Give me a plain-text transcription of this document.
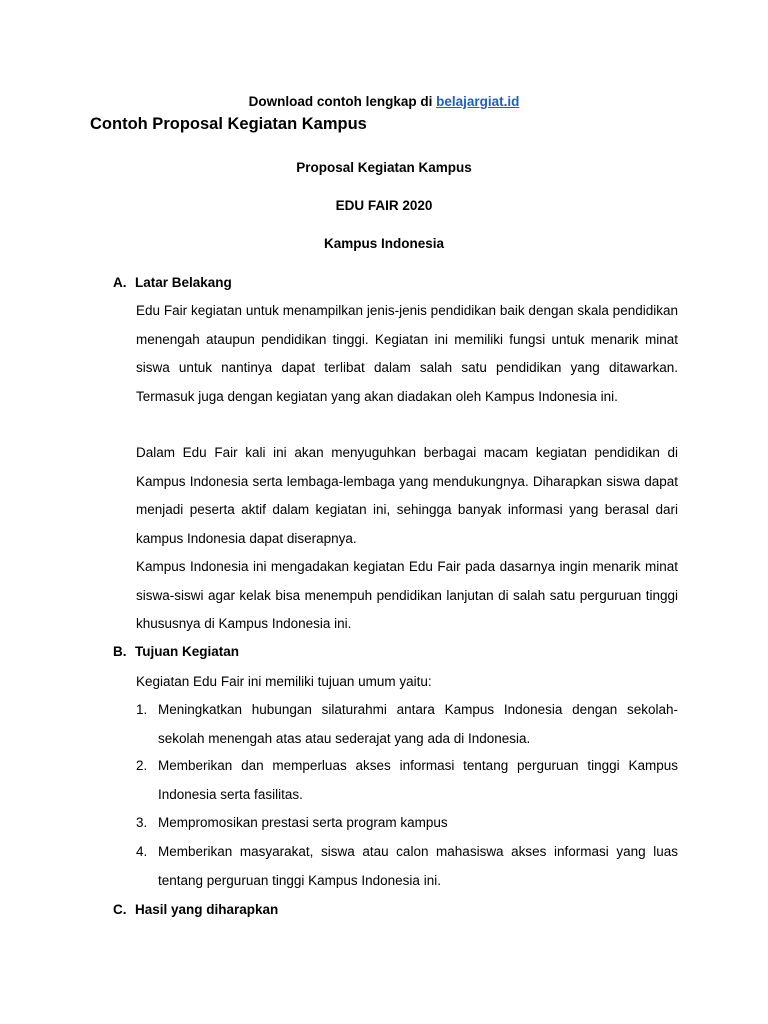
Download contoh lengkap di belajargiat.id
Contoh Proposal Kegiatan Kampus
Proposal Kegiatan Kampus
EDU FAIR 2020
Kampus Indonesia
A. Latar Belakang

Edu Fair kegiatan untuk menampilkan jenis-jenis pendidikan baik dengan skala pendidikan menengah ataupun pendidikan tinggi. Kegiatan ini memiliki fungsi untuk menarik minat siswa untuk nantinya dapat terlibat dalam salah satu pendidikan yang ditawarkan. Termasuk juga dengan kegiatan yang akan diadakan oleh Kampus Indonesia ini.

Dalam Edu Fair kali ini akan menyuguhkan berbagai macam kegiatan pendidikan di Kampus Indonesia serta lembaga-lembaga yang mendukungnya. Diharapkan siswa dapat menjadi peserta aktif dalam kegiatan ini, sehingga banyak informasi yang berasal dari kampus Indonesia dapat diserapnya.

Kampus Indonesia ini mengadakan kegiatan Edu Fair pada dasarnya ingin menarik minat siswa-siswi agar kelak bisa menempuh pendidikan lanjutan di salah satu perguruan tinggi khususnya di Kampus Indonesia ini.

B. Tujuan Kegiatan
Kegiatan Edu Fair ini memiliki tujuan umum yaitu:
1. Meningkatkan hubungan silaturahmi antara Kampus Indonesia dengan sekolah-sekolah menengah atas atau sederajat yang ada di Indonesia.
2. Memberikan dan memperluas akses informasi tentang perguruan tinggi Kampus Indonesia serta fasilitas.
3. Mempromosikan prestasi serta program kampus
4. Memberikan masyarakat, siswa atau calon mahasiswa akses informasi yang luas tentang perguruan tinggi Kampus Indonesia ini.
C. Hasil yang diharapkan
